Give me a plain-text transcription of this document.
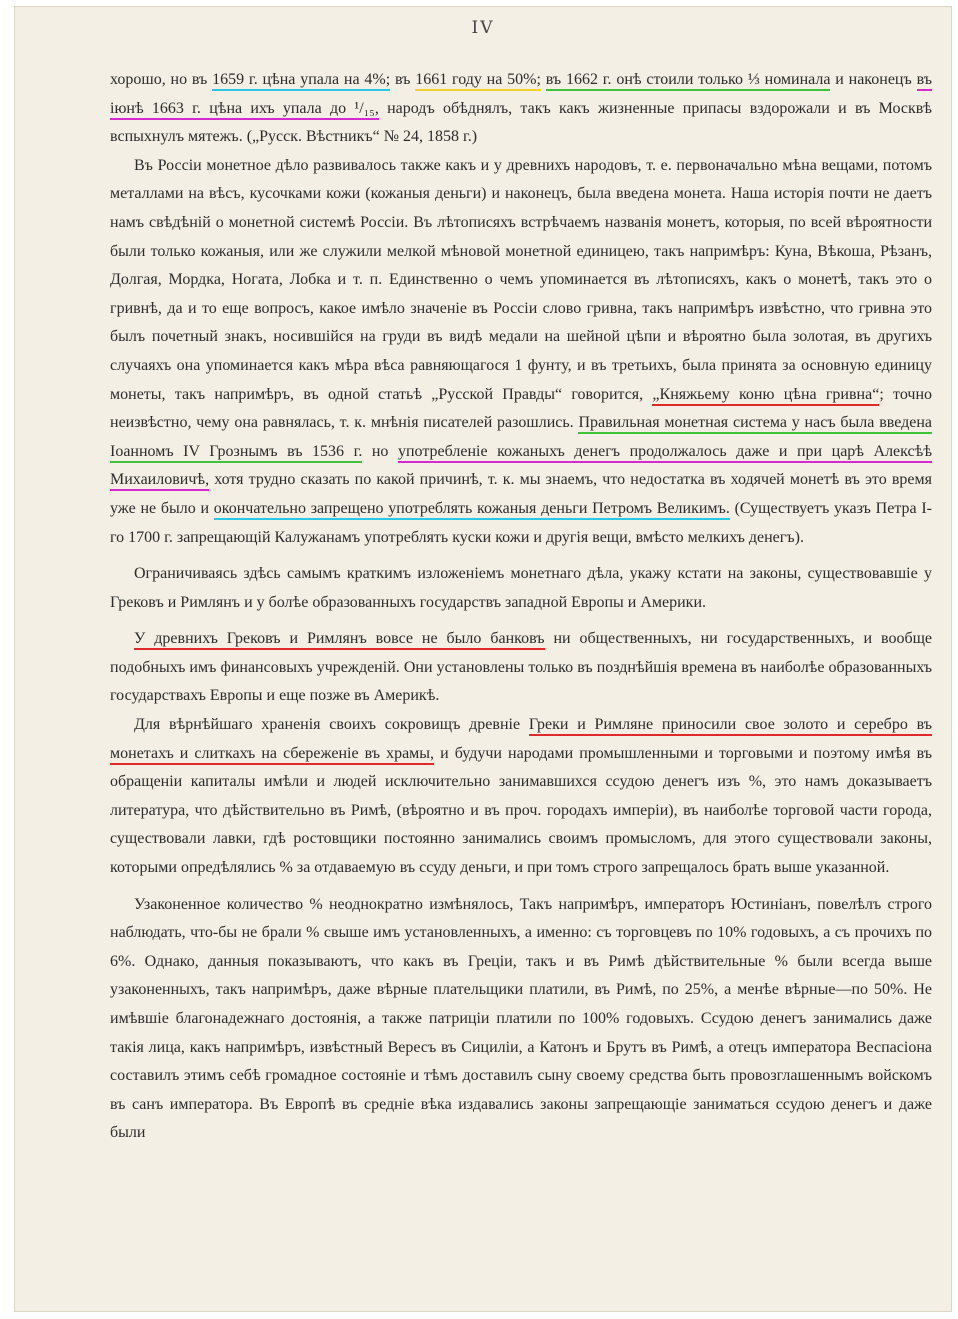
IV

хорошо, но въ 1659 г. цѣна упала на 4%; въ 1661 году на 50%; въ 1662 г. онѣ стоили только ⅓ номинала и наконецъ въ іюнѣ 1663 г. цѣна ихъ упала до ¹/₁₅, народъ обѣднялъ, такъ какъ жизненные припасы вздорожали и въ Москвѣ вспыхнулъ мятежъ. („Русск. Вѣстникъ“ № 24, 1858 г.)

Въ Россіи монетное дѣло развивалось также какъ и у древнихъ народовъ, т. е. первоначально мѣна вещами, потомъ металлами на вѣсъ, кусочками кожи (кожаныя деньги) и наконецъ, была введена монета. Наша исторія почти не даетъ намъ свѣдѣній о монетной системѣ Россіи. Въ лѣтописяхъ встрѣчаемъ названія монетъ, которыя, по всей вѣроятности были только кожаныя, или же служили мелкой мѣновой монетной единицею, такъ напримѣръ: Куна, Вѣкоша, Рѣзанъ, Долгая, Мордка, Ногата, Лобка и т. п. Единственно о чемъ упоминается въ лѣтописяхъ, какъ о монетѣ, такъ это о гривнѣ, да и то еще вопросъ, какое имѣло значеніе въ Россіи слово гривна, такъ напримѣръ извѣстно, что гривна это былъ почетный знакъ, носившійся на груди въ видѣ медали на шейной цѣпи и вѣроятно была золотая, въ другихъ случаяхъ она упоминается какъ мѣра вѣса равняющагося 1 фунту, и въ третьихъ, была принята за основную единицу монеты, такъ напримѣръ, въ одной статьѣ „Русской Правды“ говорится, „Княжьему коню цѣна гривна“; точно неизвѣстно, чему она равнялась, т. к. мнѣнія писателей разошлись. Правильная монетная система у насъ была введена Іоанномъ IV Грознымъ въ 1536 г. но употребленіе кожаныхъ денегъ продолжалось даже и при царѣ Алексѣѣ Михаиловичѣ, хотя трудно сказать по какой причинѣ, т. к. мы знаемъ, что недостатка въ ходячей монетѣ въ это время уже не было и окончательно запрещено употреблять кожаныя деньги Петромъ Великимъ. (Существуетъ указъ Петра I-го 1700 г. запрещающій Калужанамъ употреблять куски кожи и другія вещи, вмѣсто мелкихъ денегъ).

Ограничиваясь здѣсь самымъ краткимъ изложеніемъ монетнаго дѣла, укажу кстати на законы, существовавшіе у Грековъ и Римлянъ и у болѣе образованныхъ государствъ западной Европы и Америки.

У древнихъ Грековъ и Римлянъ вовсе не было банковъ ни общественныхъ, ни государственныхъ, и вообще подобныхъ имъ финансовыхъ учрежденій. Они установлены только въ позднѣйшія времена въ наиболѣе образованныхъ государствахъ Европы и еще позже въ Америкѣ.

Для вѣрнѣйшаго храненія своихъ сокровищъ древніе Греки и Римляне приносили свое золото и серебро въ монетахъ и слиткахъ на сбереженіе въ храмы, и будучи народами промышленными и торговыми и поэтому имѣя въ обращеніи капиталы имѣли и людей исключительно занимавшихся ссудою денегъ изъ %, это намъ доказываетъ литература, что дѣйствительно въ Римѣ, (вѣроятно и въ проч. городахъ имперіи), въ наиболѣе торговой части города, существовали лавки, гдѣ ростовщики постоянно занимались своимъ промысломъ, для этого существовали законы, которыми опредѣлялись % за отдаваемую въ ссуду деньги, и при томъ строго запрещалось брать выше указанной.

Узаконенное количество % неоднократно измѣнялось, Такъ напримѣръ, императоръ Юстиніанъ, повелѣлъ строго наблюдать, что-бы не брали % свыше имъ установленныхъ, а именно: съ торговцевъ по 10% годовыхъ, а съ прочихъ по 6%. Однако, данныя показываютъ, что какъ въ Греціи, такъ и въ Римѣ дѣйствительные % были всегда выше узаконенныхъ, такъ напримѣръ, даже вѣрные плательщики платили, въ Римѣ, по 25%, а менѣе вѣрные—по 50%. Не имѣвшіе благонадежнаго достоянія, а также патриціи платили по 100% годовыхъ. Ссудою денегъ занимались даже такія лица, какъ напримѣръ, извѣстный Вересъ въ Сициліи, а Катонъ и Брутъ въ Римѣ, а отецъ императора Веспасіона составилъ этимъ себѣ громадное состояніе и тѣмъ доставилъ сыну своему средства быть провозглашеннымъ войскомъ въ санъ императора. Въ Европѣ въ средніе вѣка издавались законы запрещающіе заниматься ссудою денегъ и даже были
